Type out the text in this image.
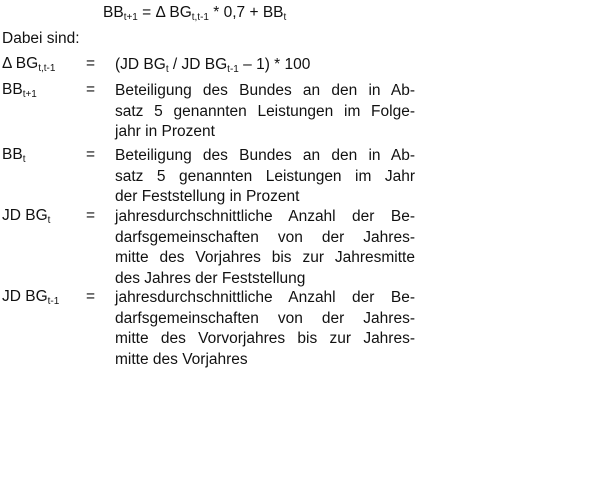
$BB_{t+1} = \Delta$ $BG_{t,t-1} * 0,7 + BB_t$
Dabei sind:
Δ $BG_{t,t-1} = (JD$ $BG_t$ / JD $BG_{t-1} - 1) * 100$
$BB_{t+1}$	= Beteiligung des Bundes an den in Ab-
satz 5 genannten Leistungen im Folge-
jahr in Prozent
$BB_t$	= Beteiligung des Bundes an den in Ab-
satz 5 genannten Leistungen im Jahr
der Feststellung in Prozent
JD $BG_t$ = jahresdurchschnittliche Anzahl der Be-
darfsgemeinschaften von der Jahres-
mitte des Vorjahres bis zur Jahresmitte
des Jahres der Feststellung
JD $BG_{t-1}$ = jahresdurchschnittliche Anzahl der Be-
darfsgemeinschaften von der Jahres-
mitte des Vorvorjahres bis zur Jahres-
mitte des Vorjahres
